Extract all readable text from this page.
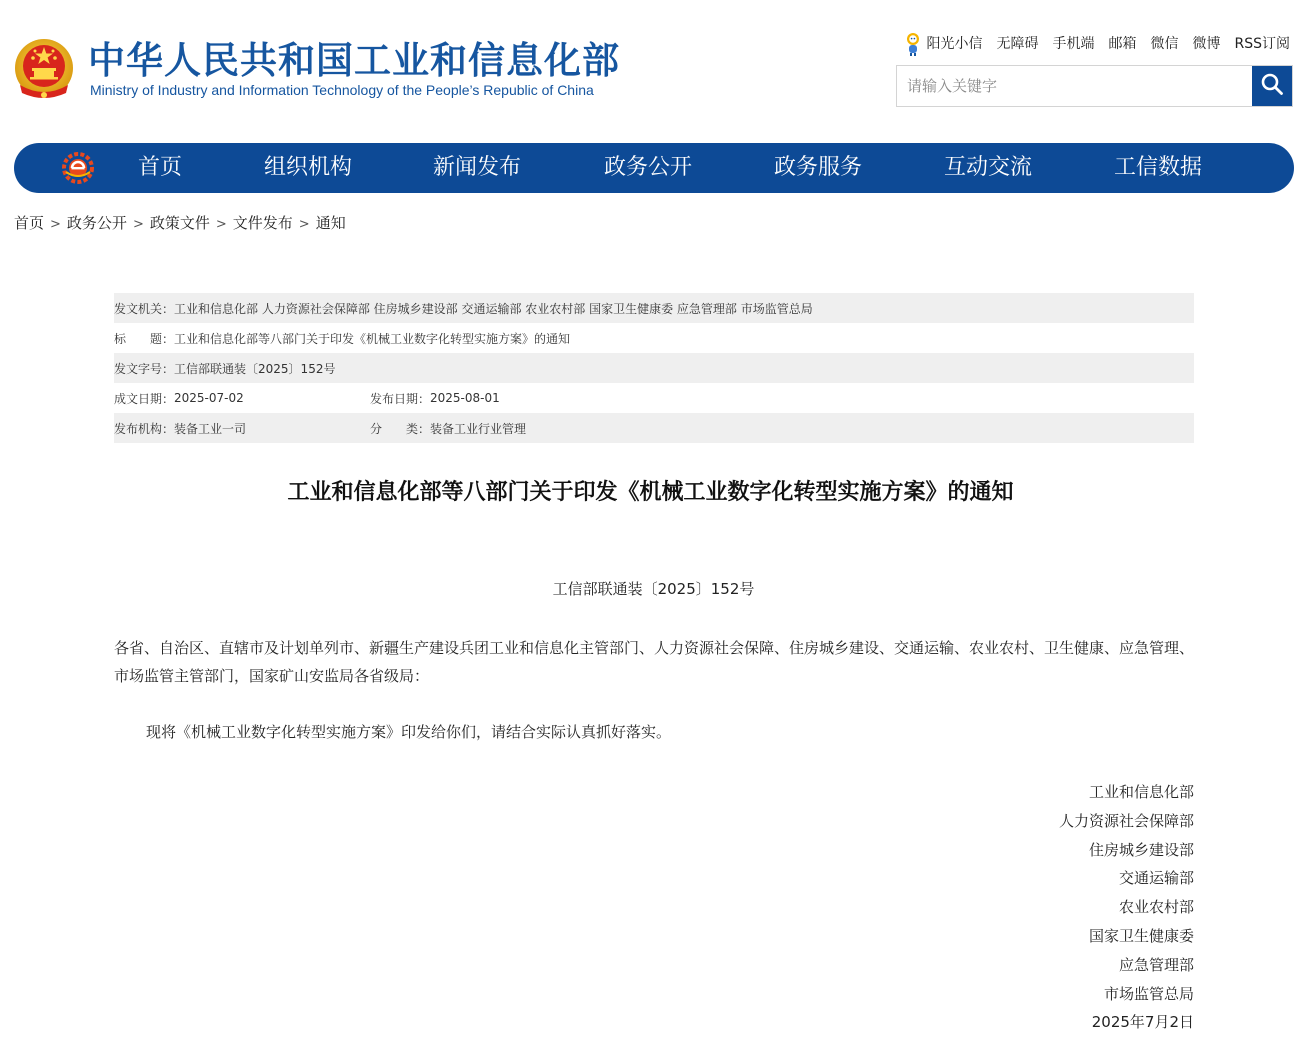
中华人民共和国工业和信息化部
Ministry of Industry and Information Technology of the People’s Republic of China
阳光小信 无障碍 手机端 邮箱 微信 微博 RSS订阅
请输入关键字
首页	组织机构	新闻发布	政务公开	政务服务	互动交流	工信数据
首页 > 政务公开 > 政策文件 > 文件发布 > 通知
发文机关： 工业和信息化部 人力资源社会保障部 住房城乡建设部 交通运输部 农业农村部 国家卫生健康委 应急管理部 市场监管总局
标　　题： 工业和信息化部等八部门关于印发《机械工业数字化转型实施方案》的通知
发文字号： 工信部联通装〔2025〕152号
成文日期： 2025-07-02	发布日期： 2025-08-01
发布机构： 装备工业一司	分　　类： 装备工业行业管理
工业和信息化部等八部门关于印发《机械工业数字化转型实施方案》的通知
工信部联通装〔2025〕152号
各省、自治区、直辖市及计划单列市、新疆生产建设兵团工业和信息化主管部门、人力资源社会保障、住房城乡建设、交通运输、农业农村、卫生健康、应急管理、市场监管主管部门，国家矿山安监局各省级局：
现将《机械工业数字化转型实施方案》印发给你们，请结合实际认真抓好落实。
工业和信息化部
人力资源社会保障部
住房城乡建设部
交通运输部
农业农村部
国家卫生健康委
应急管理部
市场监管总局
2025年7月2日
